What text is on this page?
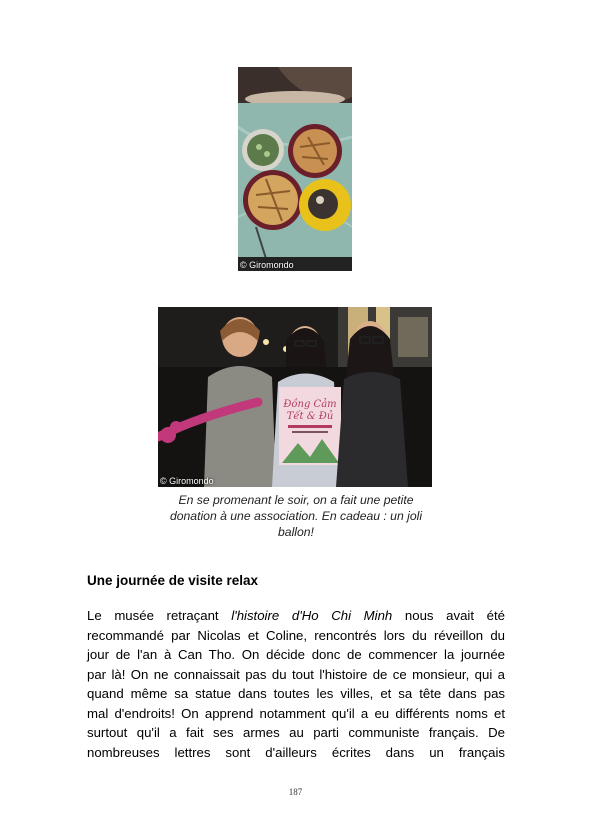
© Giromondo
Đồng Cảm
Tết & Đủ
© Giromondo
En se promenant le soir, on a fait une petite donation à une association. En cadeau : un joli ballon!
Une journée de visite relax
Le musée retraçant l'histoire d'Ho Chi Minh nous avait été
recommandé par Nicolas et Coline, rencontrés lors du réveillon du
jour de l'an à Can Tho. On décide donc de commencer la journée
par là! On ne connaissait pas du tout l'histoire de ce monsieur, qui a
quand même sa statue dans toutes les villes, et sa tête dans pas
mal d'endroits! On apprend notamment qu'il a eu différents noms et
surtout qu'il a fait ses armes au parti communiste français. De
nombreuses lettres sont d'ailleurs écrites dans un français
187
